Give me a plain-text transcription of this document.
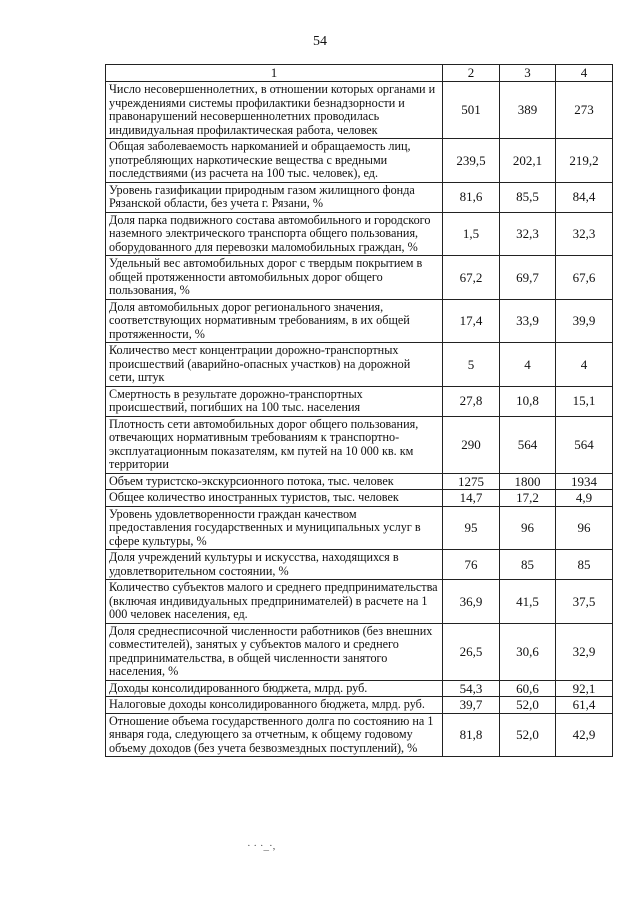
54
1	2	3	4
Число несовершеннолетних, в отношении которых органами и учреждениями системы профилактики безнадзорности и правонарушений несовершеннолетних проводилась индивидуальная профилактическая работа, человек	501	389	273
Общая заболеваемость наркоманией и обращаемость лиц, употребляющих наркотические вещества с вредными последствиями (из расчета на 100 тыс. человек), ед.	239,5	202,1	219,2
Уровень газификации природным газом жилищного фонда Рязанской области, без учета г. Рязани, %	81,6	85,5	84,4
Доля парка подвижного состава автомобильного и городского наземного электрического транспорта общего пользования, оборудованного для перевозки маломобильных граждан, %	1,5	32,3	32,3
Удельный вес автомобильных дорог с твердым покрытием в общей протяженности автомобильных дорог общего пользования, %	67,2	69,7	67,6
Доля автомобильных дорог регионального значения, соответствующих нормативным требованиям, в их общей протяженности, %	17,4	33,9	39,9
Количество мест концентрации дорожно-транспортных происшествий (аварийно-опасных участков) на дорожной сети, штук	5	4	4
Смертность в результате дорожно-транспортных происшествий, погибших на 100 тыс. населения	27,8	10,8	15,1
Плотность сети автомобильных дорог общего пользования, отвечающих нормативным требованиям к транспортно-эксплуатационным показателям, км путей на 10 000 кв. км территории	290	564	564
Объем туристско-экскурсионного потока, тыс. человек	1275	1800	1934
Общее количество иностранных туристов, тыс. человек	14,7	17,2	4,9
Уровень удовлетворенности граждан качеством предоставления государственных и муниципальных услуг в сфере культуры, %	95	96	96
Доля учреждений культуры и искусства, находящихся в удовлетворительном состоянии, %	76	85	85
Количество субъектов малого и среднего предпринимательства (включая индивидуальных предпринимателей) в расчете на 1 000 человек населения, ед.	36,9	41,5	37,5
Доля среднесписочной численности работников (без внешних совместителей), занятых у субъектов малого и среднего предпринимательства, в общей численности занятого населения, %	26,5	30,6	32,9
Доходы консолидированного бюджета, млрд. руб.	54,3	60,6	92,1
Налоговые доходы консолидированного бюджета, млрд. руб.	39,7	52,0	61,4
Отношение объема государственного долга по состоянию на 1 января года, следующего за отчетным, к общему годовому объему доходов (без учета безвозмездных поступлений), %	81,8	52,0	42,9
· · ·_·,
